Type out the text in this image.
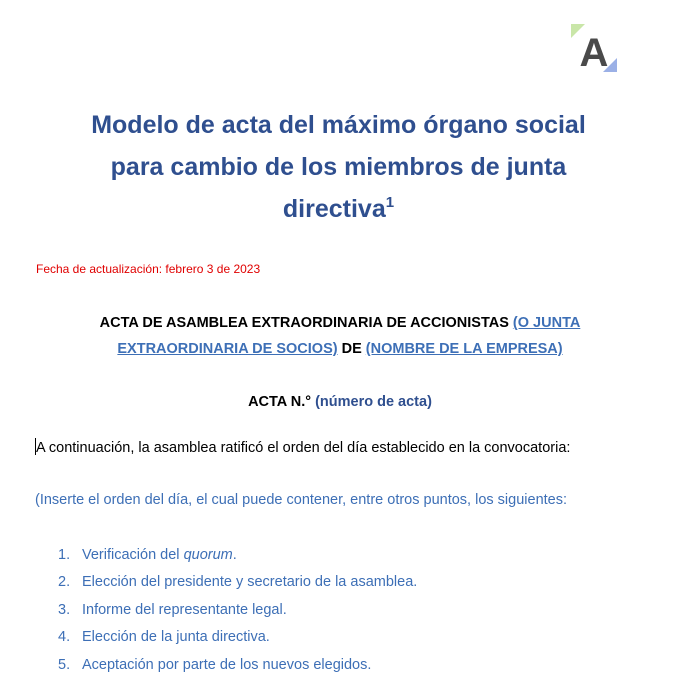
A
Modelo de acta del máximo órgano social
para cambio de los miembros de junta
directiva$^1$
Fecha de actualización: febrero 3 de 2023
ACTA DE ASAMBLEA EXTRAORDINARIA DE ACCIONISTAS (O JUNTA EXTRAORDINARIA DE SOCIOS) DE (NOMBRE DE LA EMPRESA)
ACTA N.° (número de acta)
A continuación, la asamblea ratificó el orden del día establecido en la convocatoria:
(Inserte el orden del día, el cual puede contener, entre otros puntos, los siguientes:
1. Verificación del quorum.
2. Elección del presidente y secretario de la asamblea.
3. Informe del representante legal.
4. Elección de la junta directiva.
5. Aceptación por parte de los nuevos elegidos.
